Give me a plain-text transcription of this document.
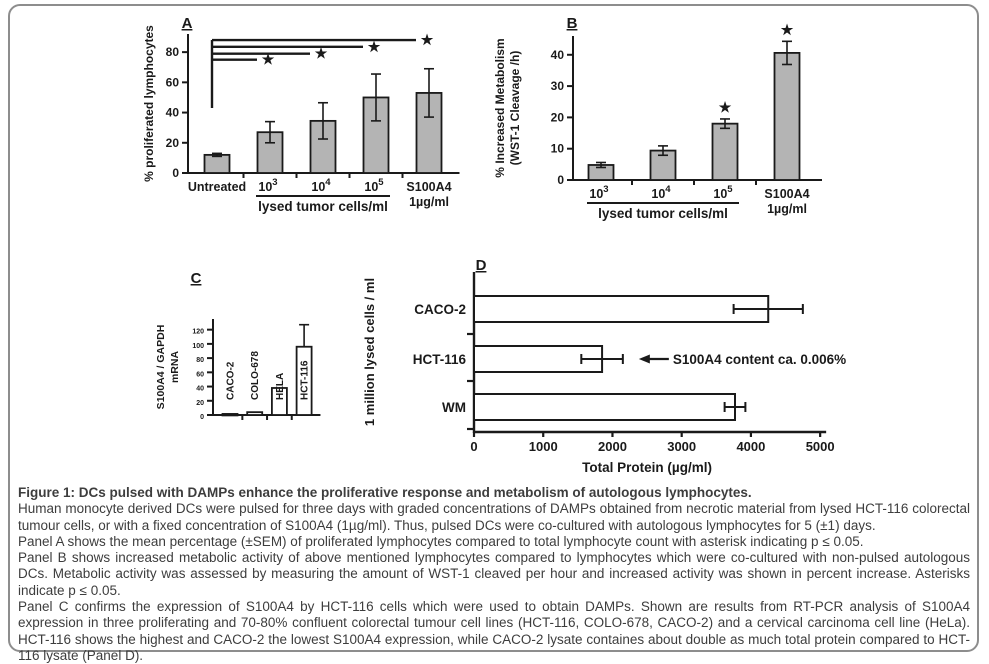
0
20
40
60
80
Untreated $10^3$	$10^4$	$10^5$ S100A4
1µg/ml
lysed tumor cells/ml
★	★	★	★
% proliferated lymphocytes
A
0
10
20
30
40
$10^3$	$10^4$
★
$10^5$
★
S100A4
1µg/ml
lysed tumor cells/ml
% Increased Metabolism (WST-1 Cleavage /h)
B
0
20
40
60
80
100
120
CACO-2 COLO-678 HELA HCT-116
S100A4 / GAPDH mRNA
C
0	1000	2000	3000	4000	5000
CACO-2
HCT-116
WM
S100A4 content ca. 0.006%
1 million lysed cells / ml
Total Protein (µg/ml)
D
Figure 1: DCs pulsed with DAMPs enhance the proliferative response and metabolism of autologous lymphocytes.
Human monocyte derived DCs were pulsed for three days with graded concentrations of DAMPs obtained from necrotic material from lysed HCT-116 colorectal tumour cells, or with a fixed concentration of S100A4 (1µg/ml). Thus, pulsed DCs were co-cultured with autologous lymphocytes for 5 (±1) days.
Panel A shows the mean percentage (±SEM) of proliferated lymphocytes compared to total lymphocyte count with asterisk indicating p ≤ 0.05.
Panel B shows increased metabolic activity of above mentioned lymphocytes compared to lymphocytes which were co-cultured with non-pulsed autologous DCs. Metabolic activity was assessed by measuring the amount of WST-1 cleaved per hour and increased activity was shown in percent increase. Asterisks indicate p ≤ 0.05.
Panel C confirms the expression of S100A4 by HCT-116 cells which were used to obtain DAMPs. Shown are results from RT-PCR analysis of S100A4 expression in three proliferating and 70-80% confluent colorectal tumour cell lines (HCT-116, COLO-678, CACO-2) and a cervical carcinoma cell line (HeLa). HCT-116 shows the highest and CACO-2 the lowest S100A4 expression, while CACO-2 lysate containes about double as much total protein compared to HCT-116 lysate (Panel D).
